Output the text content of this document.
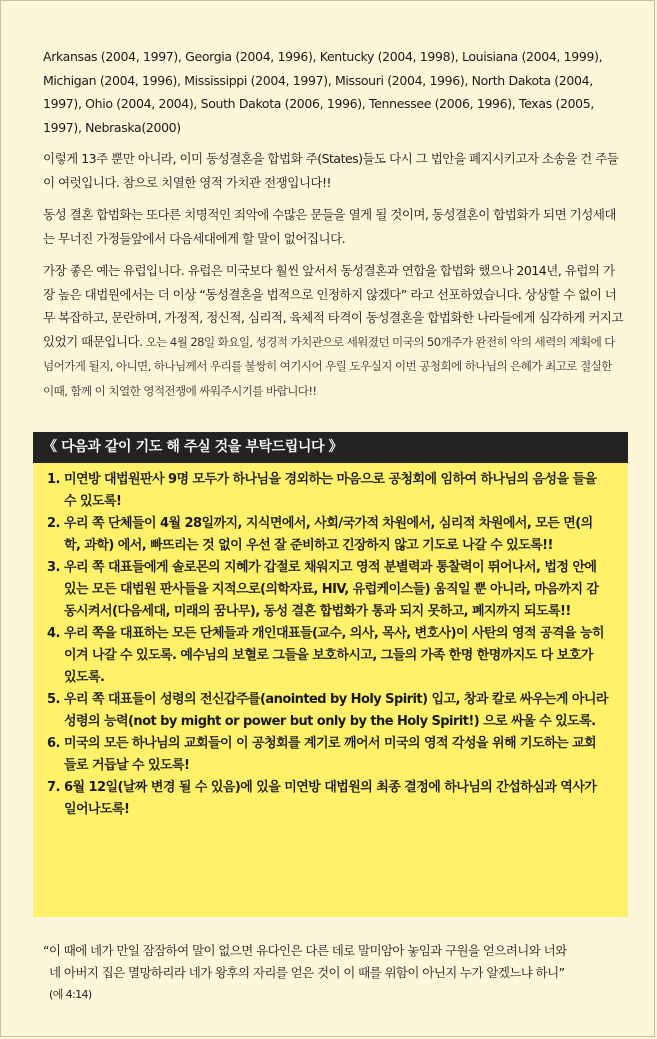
Arkansas (2004, 1997), Georgia (2004, 1996), Kentucky (2004, 1998), Louisiana (2004, 1999), Michigan (2004, 1996), Mississippi (2004, 1997), Missouri (2004, 1996), North Dakota (2004, 1997), Ohio (2004, 2004), South Dakota (2006, 1996), Tennessee (2006, 1996), Texas (2005, 1997), Nebraska(2000)
이렇게 13주 뿐만 아니라, 이미 동성결혼을 합법화 주(States)들도 다시 그 법안을 폐지시키고자 소송을 건 주들이 여럿입니다. 참으로 치열한 영적 가치관 전쟁입니다!!
동성 결혼 합법화는 또다른 치명적인 죄악에 수많은 문들을 열게 될 것이며, 동성결혼이 합법화가 되면 기성세대는 무너진 가정들앞에서 다음세대에게 할 말이 없어집니다.
가장 좋은 예는 유럽입니다. 유럽은 미국보다 훨씬 앞서서 동성결혼과 연합을 합법화 했으나 2014년, 유럽의 가장 높은 대법원에서는 더 이상 “동성결혼을 법적으로 인정하지 않겠다” 라고 선포하였습니다. 상상할 수 없이 너무 복잡하고, 문란하며, 가정적, 정신적, 심리적, 육체적 타격이 동성결혼을 합법화한 나라들에게 심각하게 커지고 있었기 때문입니다. 오는 4월 28일 화요일, 성경적 가치관으로 세워졌던 미국의 50개주가 완전히 악의 세력의 계획에 다 넘어가게 될지, 아니면, 하나님께서 우리를 불쌍히 여기시어 우릴 도우실지 이번 공청회에 하나님의 은혜가 최고로 절실한 이때, 함께 이 치열한 영적전쟁에 싸워주시기를 바랍니다!!
《 다음과 같이 기도 해 주실 것을 부탁드립니다 》
1. 미연방 대법원판사 9명 모두가 하나님을 경외하는 마음으로 공청회에 임하여 하나님의 음성을 들을 수 있도록!
2. 우리 쪽 단체들이 4월 28일까지, 지식면에서, 사회/국가적 차원에서, 심리적 차원에서, 모든 면(의학, 과학) 에서, 빠뜨리는 것 없이 우선 잘 준비하고 긴장하지 않고 기도로 나갈 수 있도록!!
3. 우리 쪽 대표들에게 솔로몬의 지혜가 갑절로 채워지고 영적 분별력과 통찰력이 뛰어나서, 법정 안에 있는 모든 대법원 판사들을 지적으로(의학자료, HIV, 유럽케이스들) 움직일 뿐 아니라, 마음까지 감동시켜서(다음세대, 미래의 꿈나무), 동성 결혼 합법화가 통과 되지 못하고, 폐지까지 되도록!!
4. 우리 쪽을 대표하는 모든 단체들과 개인대표들(교수, 의사, 목사, 변호사)이 사탄의 영적 공격을 능히 이겨 나갈 수 있도록. 예수님의 보혈로 그들을 보호하시고, 그들의 가족 한명 한명까지도 다 보호가 있도록.
5. 우리 쪽 대표들이 성령의 전신갑주를(anointed by Holy Spirit) 입고, 창과 칼로 싸우는게 아니라 성령의 능력(not by might or power but only by the Holy Spirit!) 으로 싸울 수 있도록.
6. 미국의 모든 하나님의 교회들이 이 공청회를 계기로 깨어서 미국의 영적 각성을 위해 기도하는 교회들로 거듭날 수 있도록!
7. 6월 12일(날짜 변경 될 수 있음)에 있을 미연방 대법원의 최종 결정에 하나님의 간섭하심과 역사가 일어나도록!
“이 때에 네가 만일 잠잠하여 말이 없으면 유다인은 다른 데로 말미암아 놓임과 구원을 얻으려니와 너와
네 아버지 집은 멸망하리라 네가 왕후의 자리를 얻은 것이 이 때를 위함이 아닌지 누가 알겠느냐 하니”
(에 4:14)
